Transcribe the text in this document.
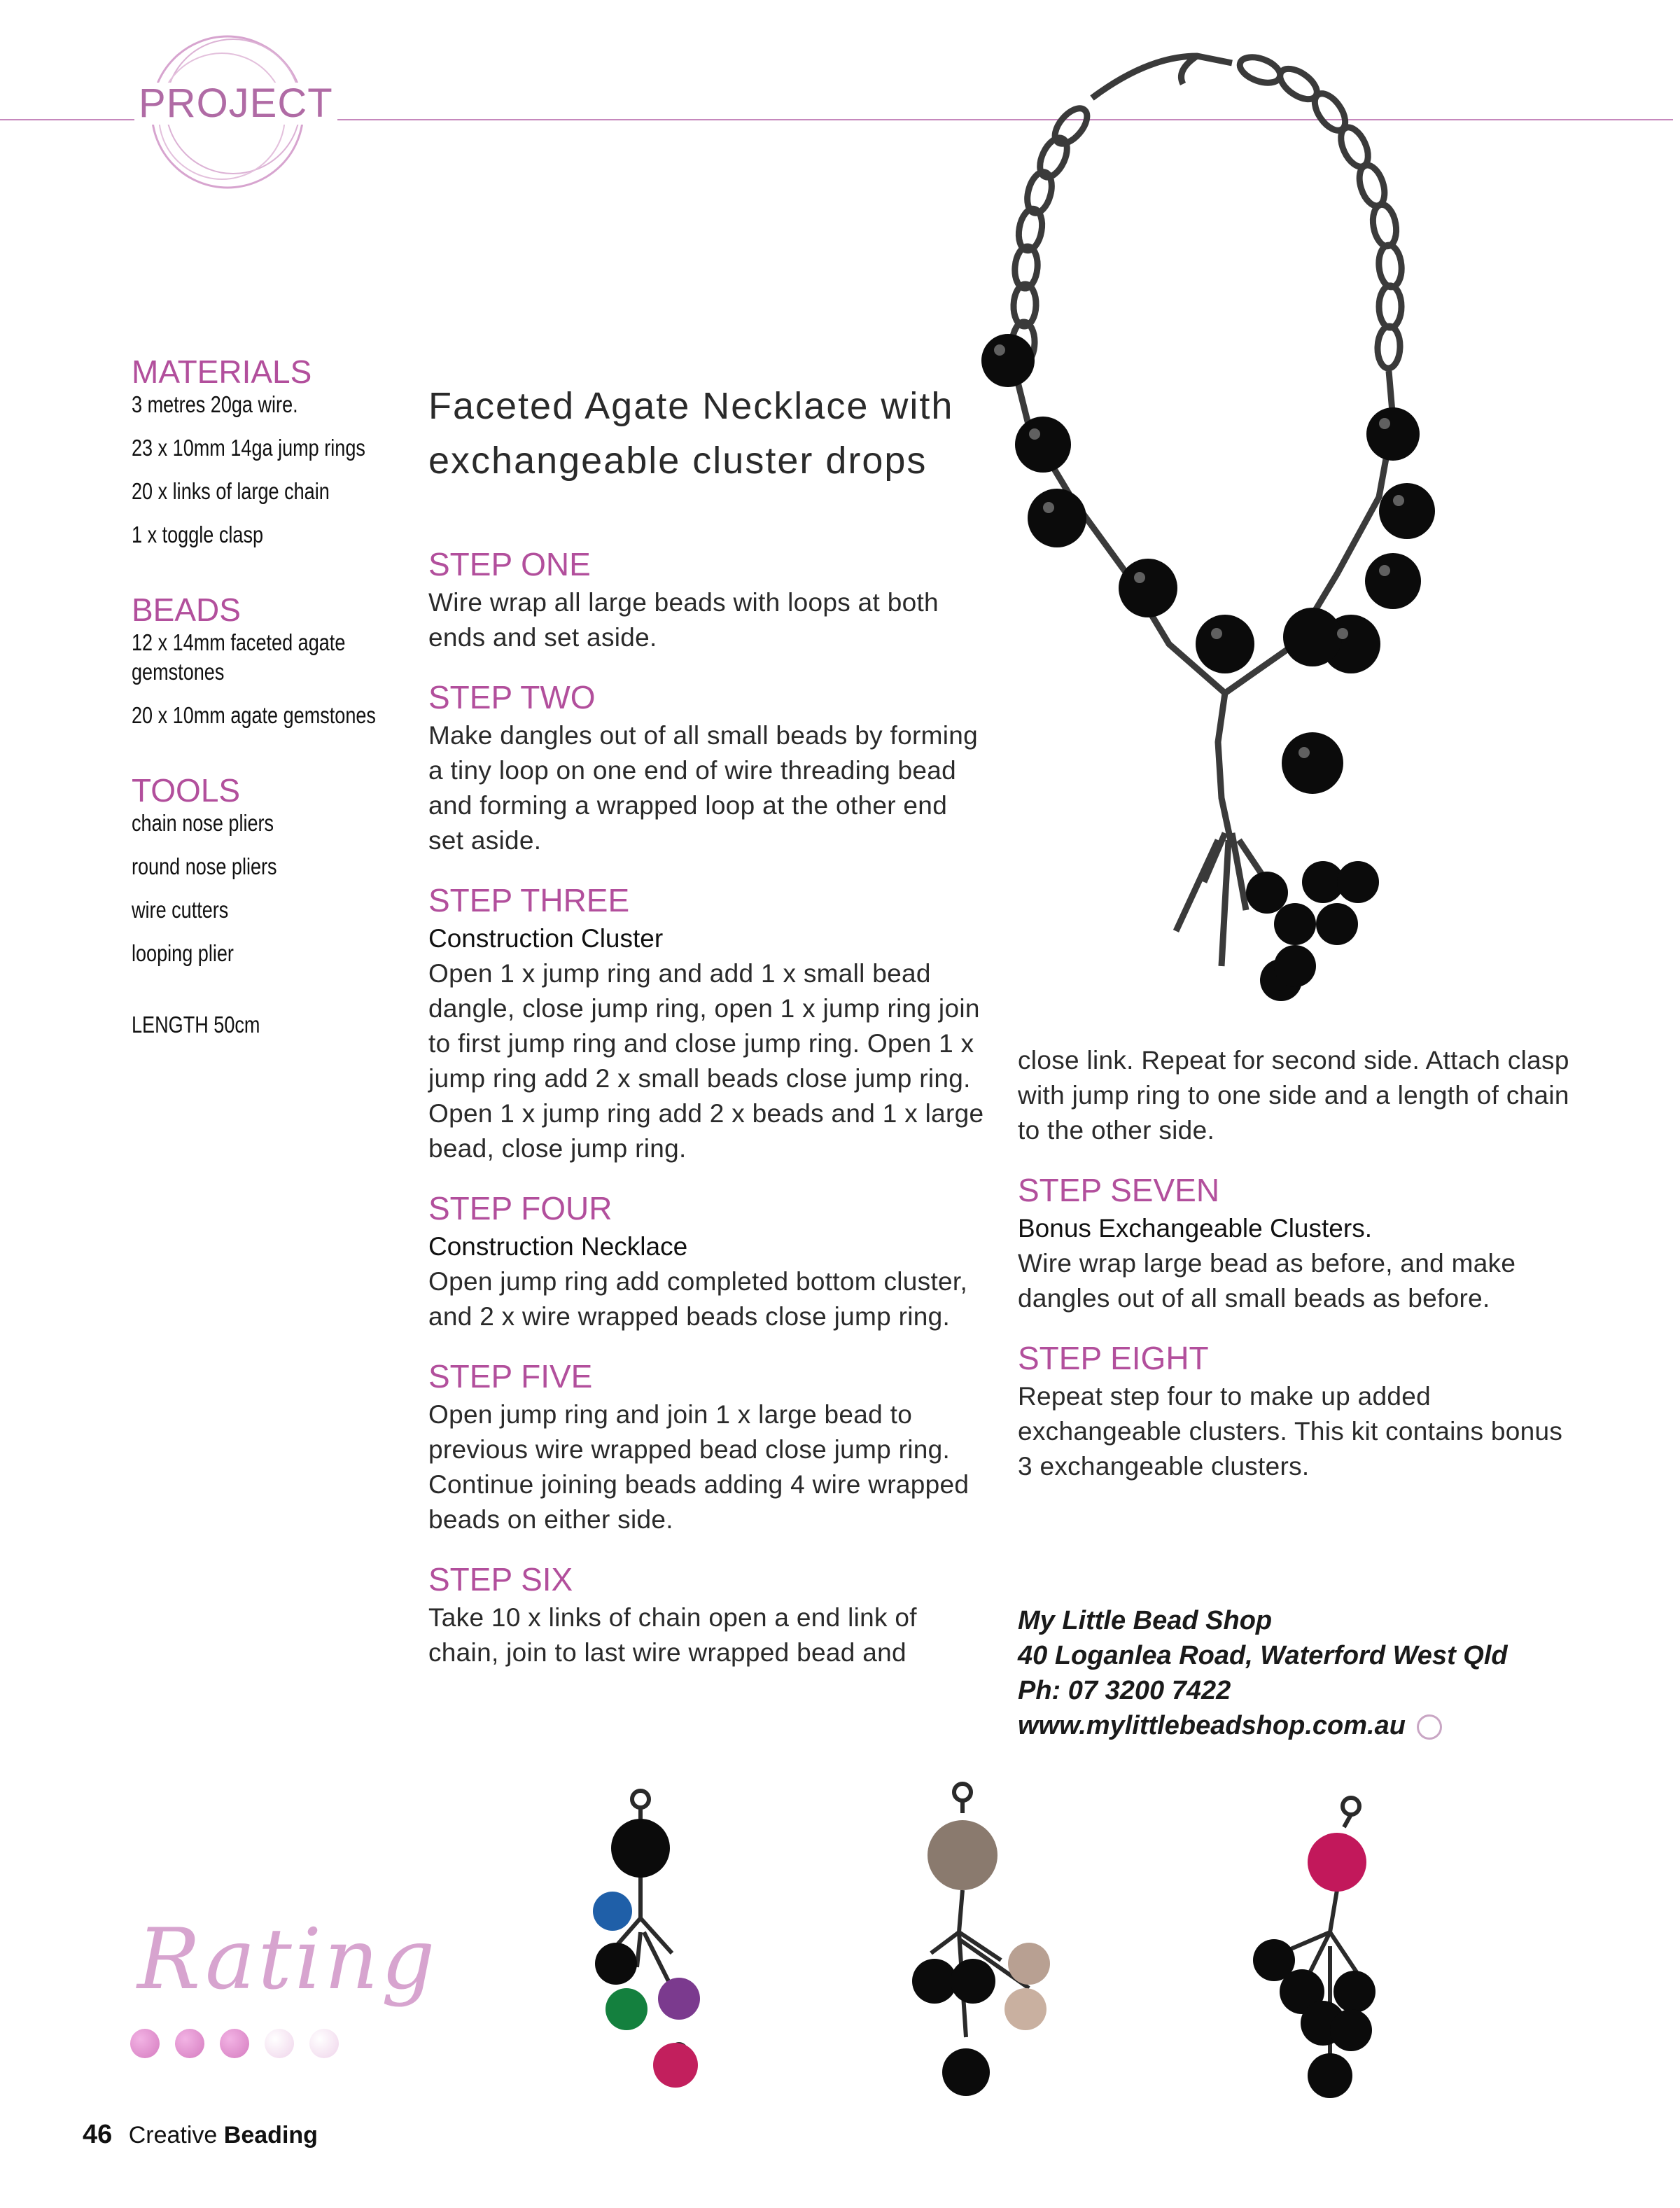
PROJECT
MATERIALS
3 metres 20ga wire.
23 x 10mm 14ga jump rings
20 x links of large chain
1 x toggle clasp
BEADS
12 x 14mm faceted agate gemstones
20 x 10mm agate gemstones
TOOLS
chain nose pliers
round nose pliers
wire cutters
looping plier
LENGTH 50cm
Faceted Agate Necklace with
exchangeable cluster drops
STEP ONE
Wire wrap all large beads with loops at both ends and set aside.
STEP TWO
Make dangles out of all small beads by forming a tiny loop on one end of wire threading bead and forming a wrapped loop at the other end set aside.
STEP THREE
Construction Cluster
Open 1 x jump ring and add 1 x small bead dangle, close jump ring, open 1 x jump ring join to first jump ring and close jump ring. Open 1 x jump ring add 2 x small beads close jump ring. Open 1 x jump ring add 2 x beads and 1 x large bead, close jump ring.
STEP FOUR
Construction Necklace
Open jump ring add completed bottom cluster, and 2 x wire wrapped beads close jump ring.
STEP FIVE
Open jump ring and join 1 x large bead to previous wire wrapped bead close jump ring. Continue joining beads adding 4 wire wrapped beads on either side.
STEP SIX
Take 10 x links of chain open a end link of chain, join to last wire wrapped bead and
close link. Repeat for second side. Attach clasp with jump ring to one side and a length of chain to the other side.
STEP SEVEN
Bonus Exchangeable Clusters.
Wire wrap large bead as before, and make dangles out of all small beads as before.
STEP EIGHT
Repeat step four to make up added exchangeable clusters. This kit contains bonus 3 exchangeable clusters.
My Little Bead Shop
40 Loganlea Road, Waterford West Qld
Ph: 07 3200 7422
www.mylittlebeadshop.com.au
Rating
46 Creative Beading
